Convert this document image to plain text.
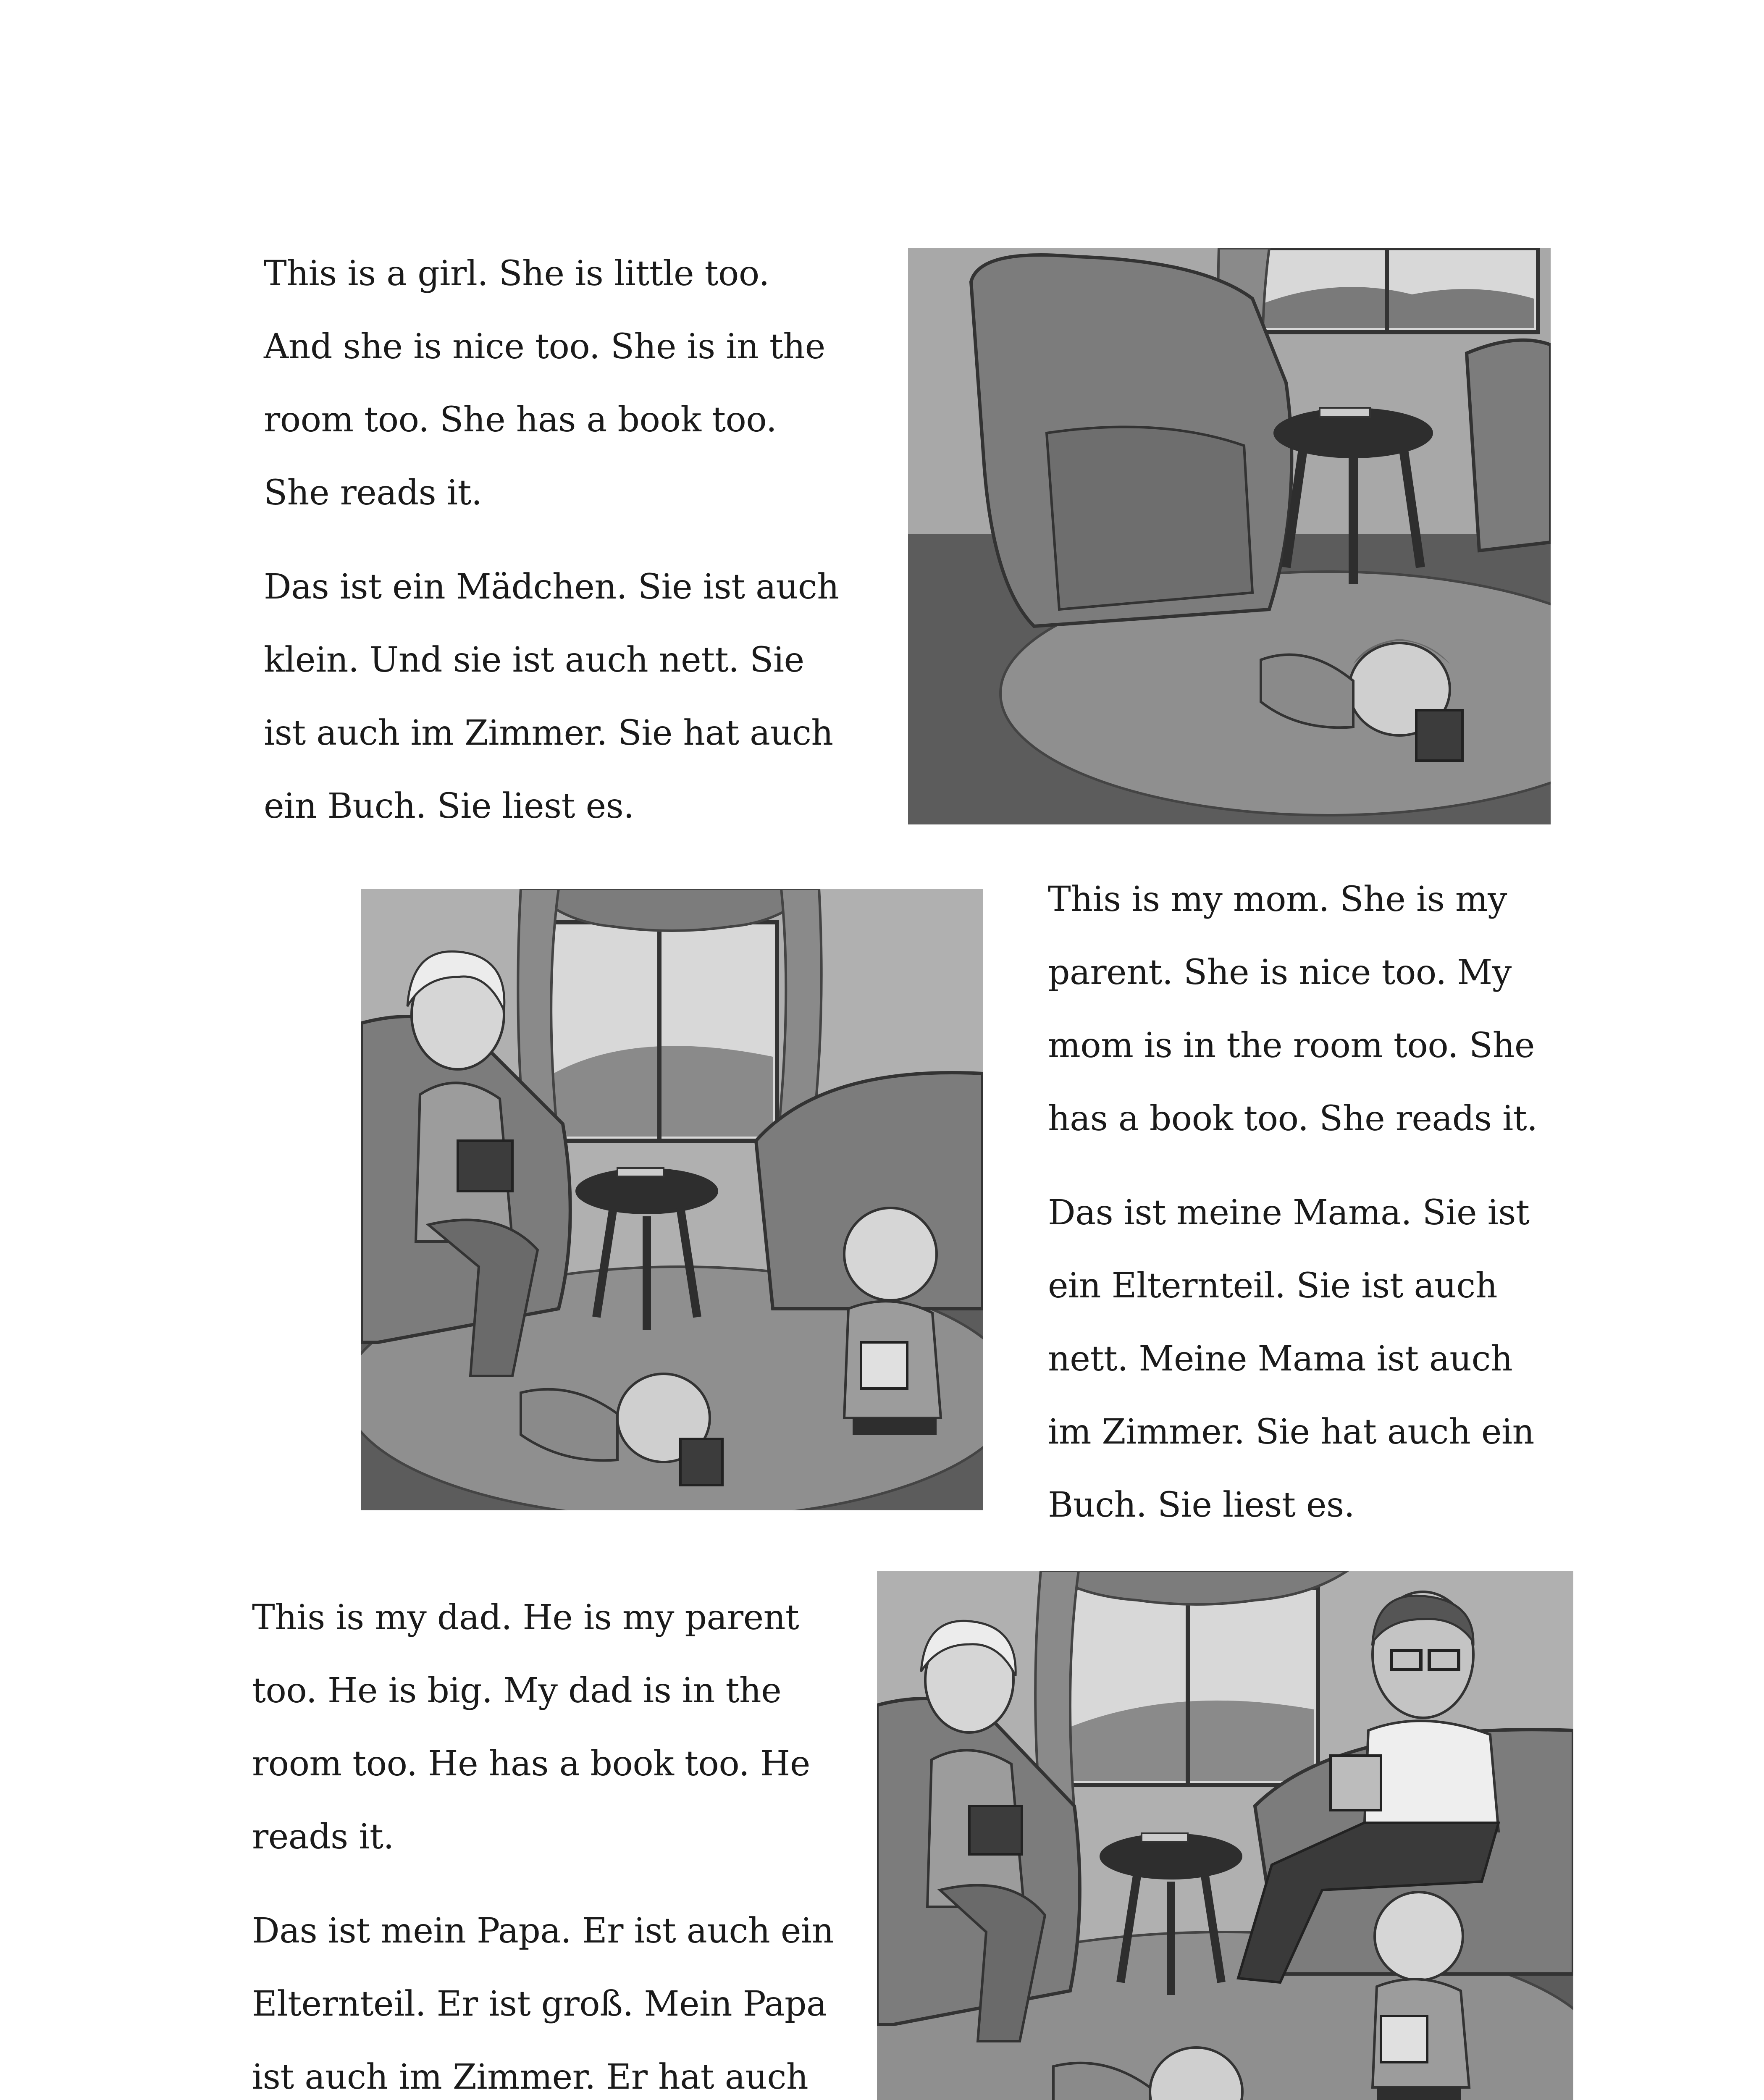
This is a girl. She is little too.

And she is nice too. She is in the

room too. She has a book too.

She reads it.

Das ist ein Mädchen. Sie ist auch

klein. Und sie ist auch nett. Sie

ist auch im Zimmer. Sie hat auch

ein Buch. Sie liest es.

This is my mom. She is my

parent. She is nice too. My

mom is in the room too. She

has a book too. She reads it.

Das ist meine Mama. Sie ist

ein Elternteil. Sie ist auch

nett. Meine Mama ist auch

im Zimmer. Sie hat auch ein

Buch. Sie liest es.

This is my dad. He is my parent

too. He is big. My dad is in the

room too. He has a book too. He

reads it.

Das ist mein Papa. Er ist auch ein

Elternteil. Er ist groß. Mein Papa

ist auch im Zimmer. Er hat auch
